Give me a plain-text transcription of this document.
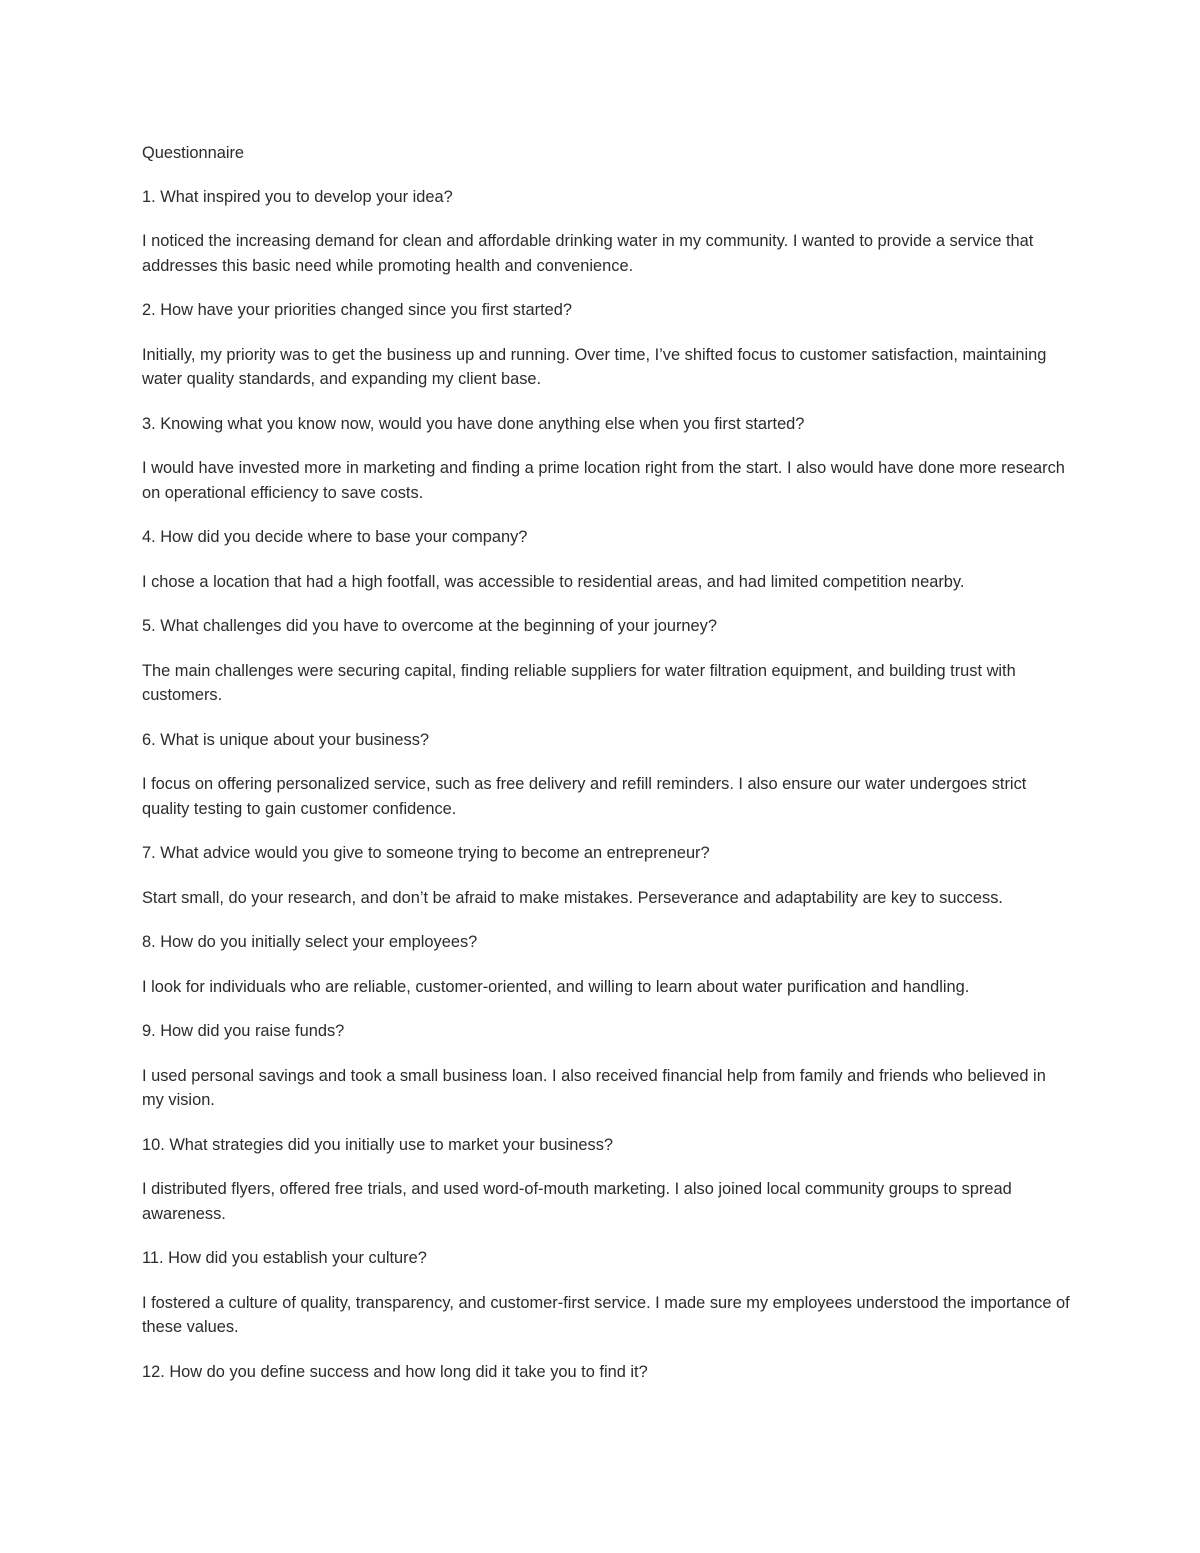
Questionnaire

1. What inspired you to develop your idea?

I noticed the increasing demand for clean and affordable drinking water in my community. I wanted to provide a service that addresses this basic need while promoting health and convenience.

2. How have your priorities changed since you first started?

Initially, my priority was to get the business up and running. Over time, I’ve shifted focus to customer satisfaction, maintaining water quality standards, and expanding my client base.

3. Knowing what you know now, would you have done anything else when you first started?

I would have invested more in marketing and finding a prime location right from the start. I also would have done more research on operational efficiency to save costs.

4. How did you decide where to base your company?

I chose a location that had a high footfall, was accessible to residential areas, and had limited competition nearby.

5. What challenges did you have to overcome at the beginning of your journey?

The main challenges were securing capital, finding reliable suppliers for water filtration equipment, and building trust with customers.

6. What is unique about your business?

I focus on offering personalized service, such as free delivery and refill reminders. I also ensure our water undergoes strict quality testing to gain customer confidence.

7. What advice would you give to someone trying to become an entrepreneur?

Start small, do your research, and don’t be afraid to make mistakes. Perseverance and adaptability are key to success.

8. How do you initially select your employees?

I look for individuals who are reliable, customer-oriented, and willing to learn about water purification and handling.

9. How did you raise funds?

I used personal savings and took a small business loan. I also received financial help from family and friends who believed in my vision.

10. What strategies did you initially use to market your business?

I distributed flyers, offered free trials, and used word-of-mouth marketing. I also joined local community groups to spread awareness.

11. How did you establish your culture?

I fostered a culture of quality, transparency, and customer-first service. I made sure my employees understood the importance of these values.

12. How do you define success and how long did it take you to find it?
